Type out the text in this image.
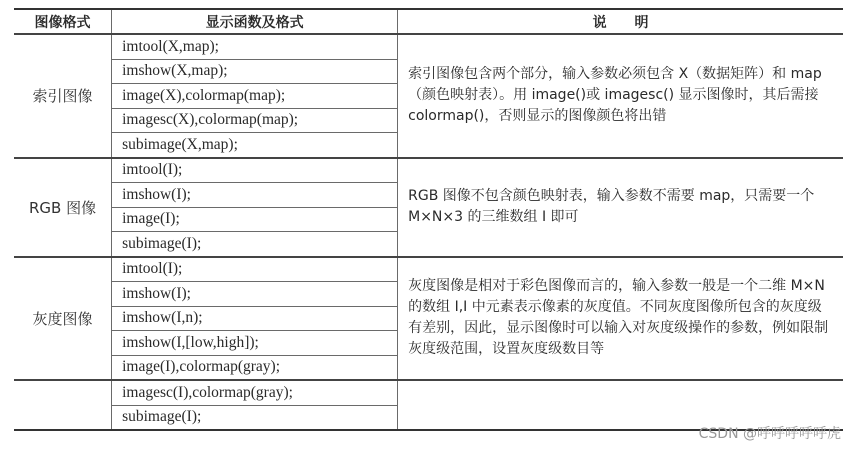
图像格式	显示函数及格式	说　　明
索引图像	imtool(X,map);	索引图像包含两个部分，输入参数必须包含 X（数据矩阵）和 map（颜色映射表）。用 image()或 imagesc() 显示图像时，其后需接 colormap()，否则显示的图像颜色将出错
	imshow(X,map);	
	image(X),colormap(map);	
	imagesc(X),colormap(map);	
	subimage(X,map);	
RGB 图像	imtool(I);	RGB 图像不包含颜色映射表，输入参数不需要 map，只需要一个 M×N×3 的三维数组 I 即可
	imshow(I);	
	image(I);	
	subimage(I);	
灰度图像	imtool(I);	灰度图像是相对于彩色图像而言的，输入参数一般是一个二维 M×N 的数组 I,I 中元素表示像素的灰度值。不同灰度图像所包含的灰度级有差别，因此，显示图像时可以输入对灰度级操作的参数，例如限制灰度级范围，设置灰度级数目等
	imshow(I);	
	imshow(I,n);	
	imshow(I,[low,high]);	
	image(I),colormap(gray);	
	imagesc(I),colormap(gray);	
	subimage(I);	
CSDN @呼呼呼呼呼虎
